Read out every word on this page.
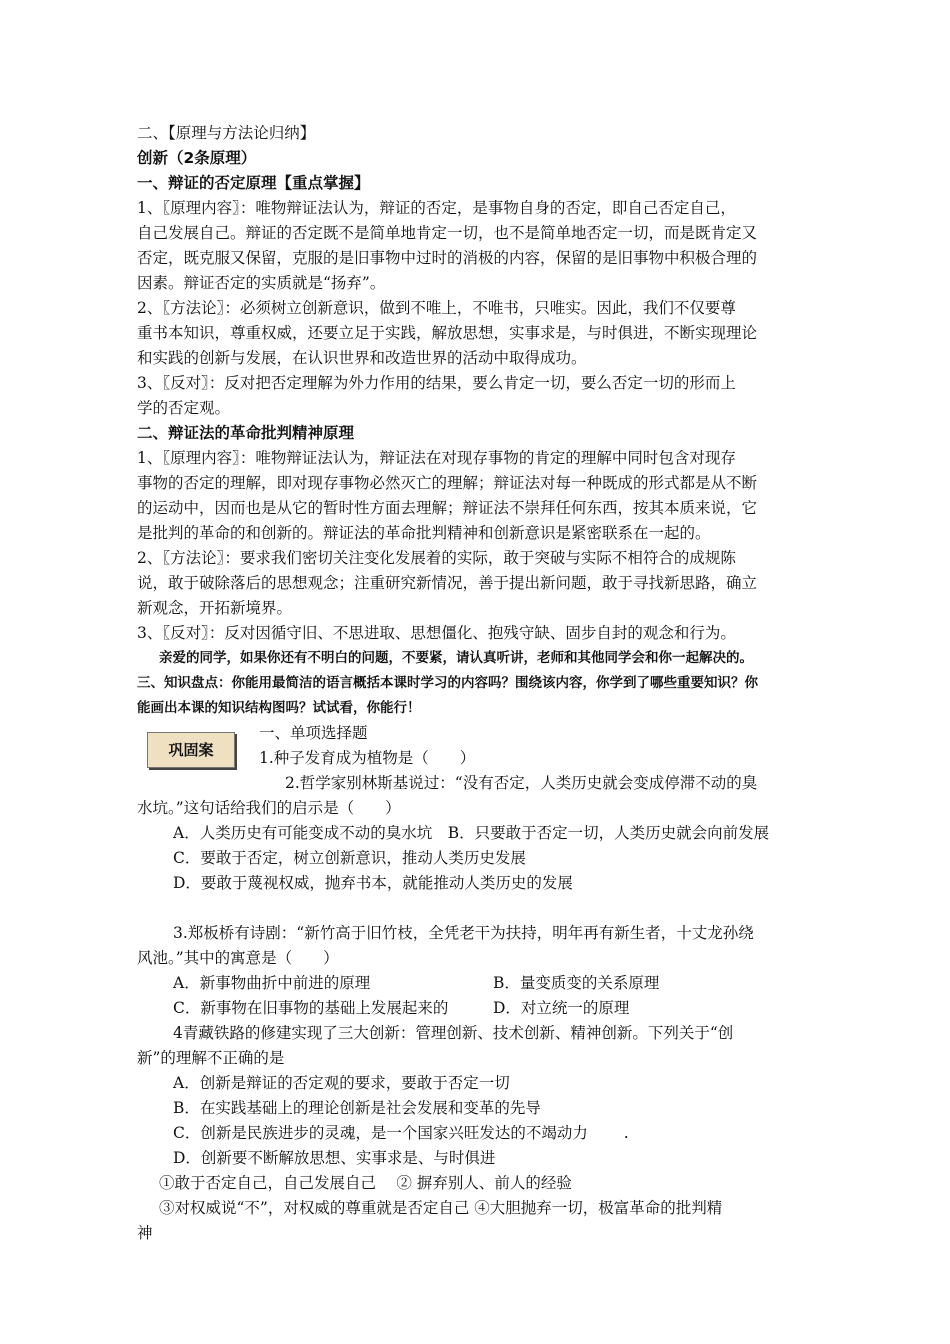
二、【原理与方法论归纳】
创新（2条原理）
一、辩证的否定原理【重点掌握】
1、〖原理内容〗：唯物辩证法认为，辩证的否定，是事物自身的否定，即自己否定自己，
自己发展自己。辩证的否定既不是简单地肯定一切，也不是简单地否定一切，而是既肯定又
否定，既克服又保留，克服的是旧事物中过时的消极的内容，保留的是旧事物中积极合理的
因素。辩证否定的实质就是“扬弃”。
2、〖方法论〗：必须树立创新意识，做到不唯上，不唯书，只唯实。因此，我们不仅要尊
重书本知识，尊重权威，还要立足于实践，解放思想，实事求是，与时俱进，不断实现理论
和实践的创新与发展，在认识世界和改造世界的活动中取得成功。
3、〖反对〗：反对把否定理解为外力作用的结果，要么肯定一切，要么否定一切的形而上
学的否定观。
二、辩证法的革命批判精神原理
1、〖原理内容〗：唯物辩证法认为，辩证法在对现存事物的肯定的理解中同时包含对现存
事物的否定的理解，即对现存事物必然灭亡的理解；辩证法对每一种既成的形式都是从不断
的运动中，因而也是从它的暂时性方面去理解；辩证法不崇拜任何东西，按其本质来说，它
是批判的革命的和创新的。辩证法的革命批判精神和创新意识是紧密联系在一起的。
2、〖方法论〗：要求我们密切关注变化发展着的实际，敢于突破与实际不相符合的成规陈
说，敢于破除落后的思想观念；注重研究新情况，善于提出新问题，敢于寻找新思路，确立
新观念，开拓新境界。
3、〖反对〗：反对因循守旧、不思进取、思想僵化、抱残守缺、固步自封的观念和行为。
亲爱的同学，如果你还有不明白的问题，不要紧，请认真听讲，老师和其他同学会和你一起解决的。
三、知识盘点：你能用最简洁的语言概括本课时学习的内容吗？围绕该内容，你学到了哪些重要知识？你
能画出本课的知识结构图吗？试试看，你能行！
一、单项选择题
1.种子发育成为植物是（　　）
2.哲学家别林斯基说过：“没有否定，人类历史就会变成停滞不动的臭
水坑。”这句话给我们的启示是（　　）
A．人类历史有可能变成不动的臭水坑　B．只要敢于否定一切，人类历史就会向前发展
C．要敢于否定，树立创新意识，推动人类历史发展
D．要敢于蔑视权威，抛弃书本，就能推动人类历史的发展
3.郑板桥有诗剧：“新竹高于旧竹枝，全凭老干为扶持，明年再有新生者，十丈龙孙绕
风池。”其中的寓意是（　　）
A．新事物曲折中前进的原理	B．量变质变的关系原理
C．新事物在旧事物的基础上发展起来的	D．对立统一的原理
4青藏铁路的修建实现了三大创新：管理创新、技术创新、精神创新。下列关于“创
新”的理解不正确的是
A．创新是辩证的否定观的要求，要敢于否定一切
B．在实践基础上的理论创新是社会发展和变革的先导
C．创新是民族进步的灵魂，是一个国家兴旺发达的不竭动力　　 .
D．创新要不断解放思想、实事求是、与时俱进
①敢于否定自己，自己发展自己　 ② 摒弃别人、前人的经验
③对权威说“不”，对权威的尊重就是否定自己 ④大胆抛弃一切，极富革命的批判精
神
巩固案
